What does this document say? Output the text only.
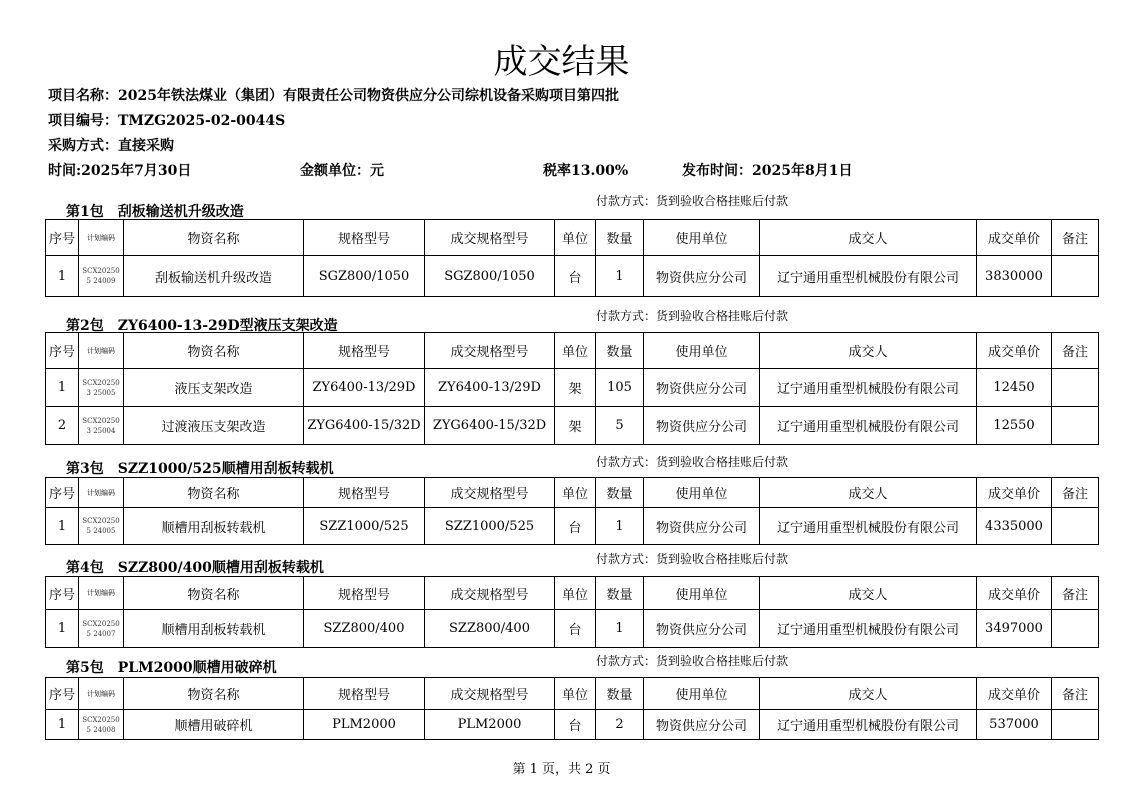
成交结果
项目名称：2025年铁法煤业（集团）有限责任公司物资供应分公司综机设备采购项目第四批
项目编号：TMZG2025-02-0044S
采购方式：直接采购
时间:2025年7月30日	金额单位：元	税率13.00%	发布时间：2025年8月1日
第1包 刮板输送机升级改造
付款方式：货到验收合格挂账后付款
序号	计划编码	物资名称	规格型号	成交规格型号	单位	数量	使用单位	成交人	成交单价	备注
1	SCX202505 24009	刮板输送机升级改造	SGZ800/1050	SGZ800/1050	台	1	物资供应分公司	辽宁通用重型机械股份有限公司	3830000	
第2包 ZY6400-13-29D型液压支架改造
付款方式：货到验收合格挂账后付款
序号	计划编码	物资名称	规格型号	成交规格型号	单位	数量	使用单位	成交人	成交单价	备注
1	SCX202503 25005	液压支架改造	ZY6400-13/29D	ZY6400-13/29D	架	105	物资供应分公司	辽宁通用重型机械股份有限公司	12450	
2	SCX202503 25004	过渡液压支架改造	ZYG6400-15/32D	ZYG6400-15/32D	架	5	物资供应分公司	辽宁通用重型机械股份有限公司	12550	
第3包 SZZ1000/525顺槽用刮板转载机	付款方式：货到验收合格挂账后付款
序号	计划编码	物资名称	规格型号	成交规格型号	单位	数量	使用单位	成交人	成交单价	备注
1	SCX202505 24005	顺槽用刮板转载机	SZZ1000/525	SZZ1000/525	台	1	物资供应分公司	辽宁通用重型机械股份有限公司	4335000	
第4包 SZZ800/400顺槽用刮板转载机
付款方式：货到验收合格挂账后付款
序号	计划编码	物资名称	规格型号	成交规格型号	单位	数量	使用单位	成交人	成交单价	备注
1	SCX202505 24007	顺槽用刮板转载机	SZZ800/400	SZZ800/400	台	1	物资供应分公司	辽宁通用重型机械股份有限公司	3497000	
第5包 PLM2000顺槽用破碎机	付款方式：货到验收合格挂账后付款
序号	计划编码	物资名称	规格型号	成交规格型号	单位	数量	使用单位	成交人	成交单价	备注
1	SCX202505 24008	顺槽用破碎机	PLM2000	PLM2000	台	2	物资供应分公司	辽宁通用重型机械股份有限公司	537000	
第 1 页，共 2 页
